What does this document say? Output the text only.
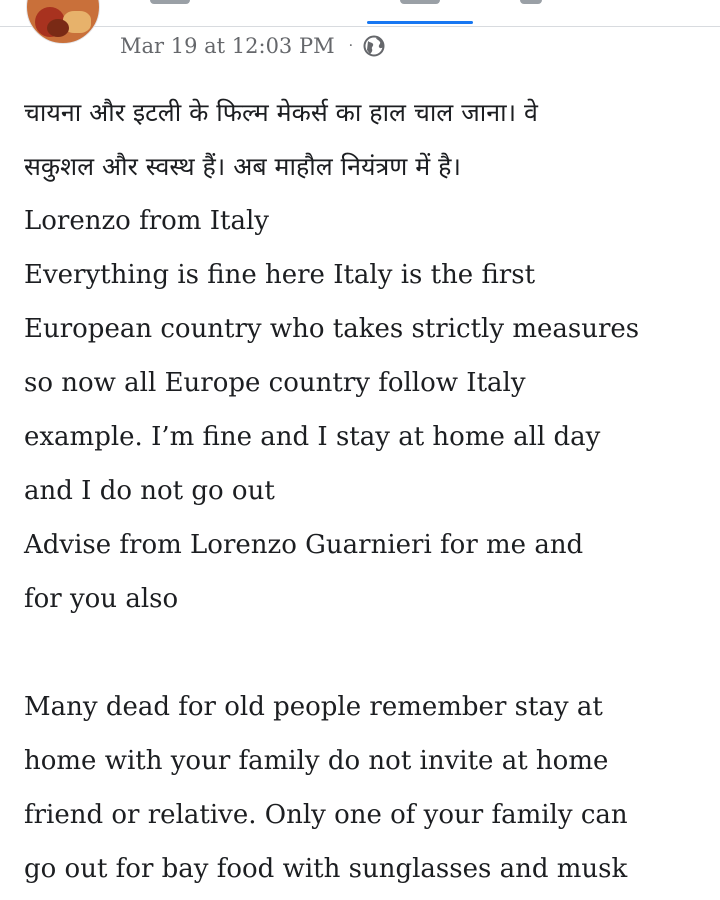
Mar 19 at 12:03 PM ·
चायना और इटली के फिल्म मेकर्स का हाल चाल जाना। वे
सकुशल और स्वस्थ हैं। अब माहौल नियंत्रण में है।
Lorenzo from Italy
Everything is fine here Italy is the first
European country who takes strictly measures
so now all Europe country follow Italy
example. I’m fine and I stay at home all day
and I do not go out
Advise from Lorenzo Guarnieri for me and
for you also
Many dead for old people remember stay at
home with your family do not invite at home
friend or relative. Only one of your family can
go out for bay food with sunglasses and musk
